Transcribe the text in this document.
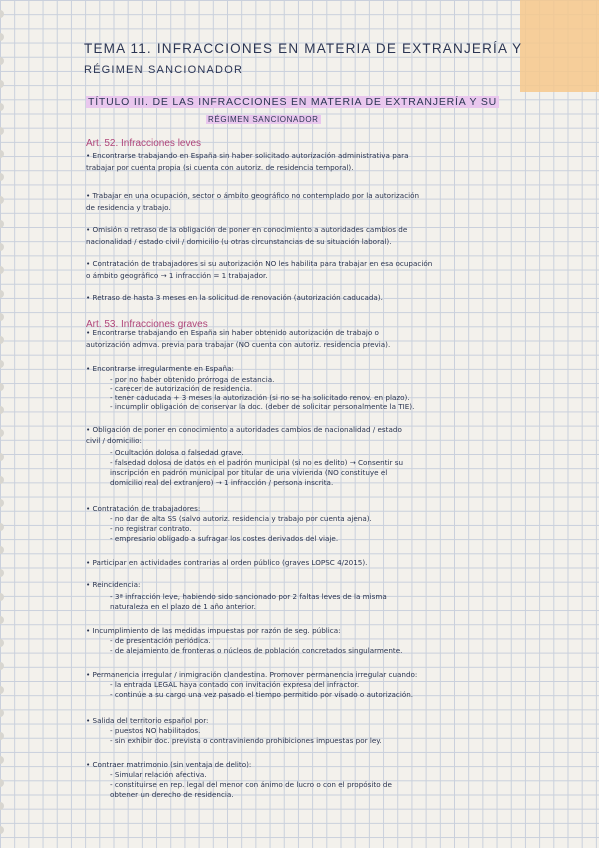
TEMA 11. INFRACCIONES EN MATERIA DE EXTRANJERÍA Y
RÉGIMEN SANCIONADOR
TÍTULO III. DE LAS INFRACCIONES EN MATERIA DE EXTRANJERÍA Y SU
RÉGIMEN SANCIONADOR
Art. 52. Infracciones leves
• Encontrarse trabajando en España sin haber solicitado autorización administrativa para
trabajar por cuenta propia (si cuenta con autoriz. de residencia temporal).
• Trabajar en una ocupación, sector o ámbito geográfico no contemplado por la autorización
de residencia y trabajo.
• Omisión o retraso de la obligación de poner en conocimiento a autoridades cambios de
nacionalidad / estado civil / domicilio (u otras circunstancias de su situación laboral).
• Contratación de trabajadores si su autorización NO les habilita para trabajar en esa ocupación
o ámbito geográfico → 1 infracción = 1 trabajador.
• Retraso de hasta 3 meses en la solicitud de renovación (autorización caducada).
Art. 53. Infracciones graves
• Encontrarse trabajando en España sin haber obtenido autorización de trabajo o
autorización admva. previa para trabajar (NO cuenta con autoriz. residencia previa).
• Encontrarse irregularmente en España:
- por no haber obtenido prórroga de estancia.
- carecer de autorización de residencia.
- tener caducada + 3 meses la autorización (si no se ha solicitado renov. en plazo).
- incumplir obligación de conservar la doc. (deber de solicitar personalmente la TIE).
• Obligación de poner en conocimiento a autoridades cambios de nacionalidad / estado
civil / domicilio:
- Ocultación dolosa o falsedad grave.
- falsedad dolosa de datos en el padrón municipal (si no es delito) → Consentir su
inscripción en padrón municipal por titular de una vivienda (NO constituye el
domicilio real del extranjero) → 1 infracción / persona inscrita.
• Contratación de trabajadores:
- no dar de alta SS (salvo autoriz. residencia y trabajo por cuenta ajena).
- no registrar contrato.
- empresario obligado a sufragar los costes derivados del viaje.
• Participar en actividades contrarias al orden público (graves LOPSC 4/2015).
• Reincidencia:
- 3ª infracción leve, habiendo sido sancionado por 2 faltas leves de la misma
naturaleza en el plazo de 1 año anterior.
• Incumplimiento de las medidas impuestas por razón de seg. pública:
- de presentación periódica.
- de alejamiento de fronteras o núcleos de población concretados singularmente.
• Permanencia irregular / inmigración clandestina. Promover permanencia irregular cuando:
- la entrada LEGAL haya contado con invitación expresa del infractor.
- continúe a su cargo una vez pasado el tiempo permitido por visado o autorización.
• Salida del territorio español por:
- puestos NO habilitados.
- sin exhibir doc. prevista o contraviniendo prohibiciones impuestas por ley.
• Contraer matrimonio (sin ventaja de delito):
- Simular relación afectiva.
- constituirse en rep. legal del menor con ánimo de lucro o con el propósito de
obtener un derecho de residencia.
